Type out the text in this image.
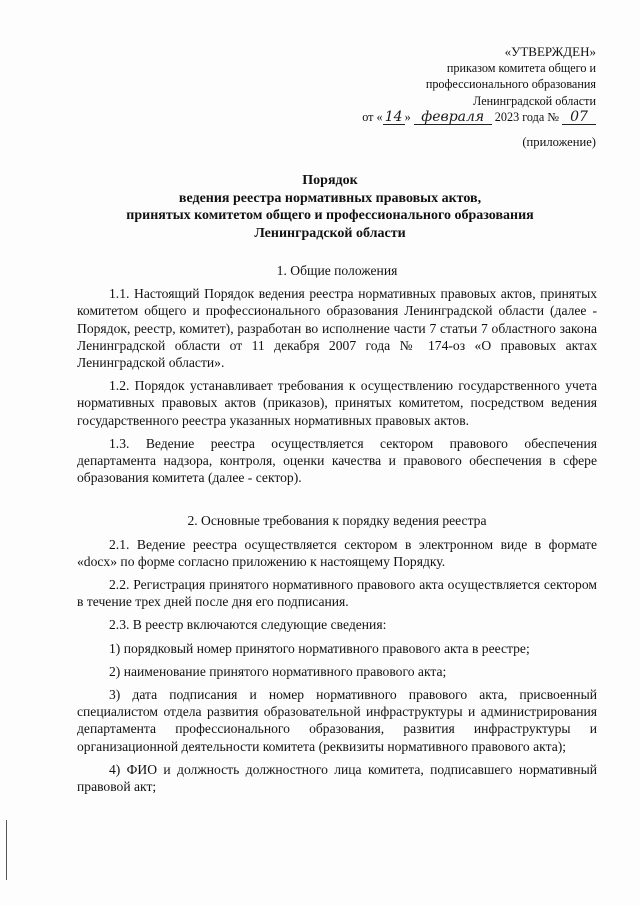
«УТВЕРЖДЕН»
приказом комитета общего и
профессионального образования
Ленинградской области
от « 14 » февраля 2023 года № 07
(приложение)
Порядок
ведения реестра нормативных правовых актов,
принятых комитетом общего и профессионального образования
Ленинградской области

1. Общие положения

1.1. Настоящий Порядок ведения реестра нормативных правовых актов, принятых комитетом общего и профессионального образования Ленинградской области (далее - Порядок, реестр, комитет), разработан во исполнение части 7 статьи 7 областного закона Ленинградской области от 11 декабря 2007 года № 174-оз «О правовых актах Ленинградской области».

1.2. Порядок устанавливает требования к осуществлению государственного учета нормативных правовых актов (приказов), принятых комитетом, посредством ведения государственного реестра указанных нормативных правовых актов.

1.3. Ведение реестра осуществляется сектором правового обеспечения департамента надзора, контроля, оценки качества и правового обеспечения в сфере образования комитета (далее - сектор).

2. Основные требования к порядку ведения реестра

2.1. Ведение реестра осуществляется сектором в электронном виде в формате «docx» по форме согласно приложению к настоящему Порядку.

2.2. Регистрация принятого нормативного правового акта осуществляется сектором в течение трех дней после дня его подписания.

2.3. В реестр включаются следующие сведения:

1) порядковый номер принятого нормативного правового акта в реестре;

2) наименование принятого нормативного правового акта;

3) дата подписания и номер нормативного правового акта, присвоенный специалистом отдела развития образовательной инфраструктуры и администрирования департамента профессионального образования, развития инфраструктуры и организационной деятельности комитета (реквизиты нормативного правового акта);

4) ФИО и должность должностного лица комитета, подписавшего нормативный правовой акт;
